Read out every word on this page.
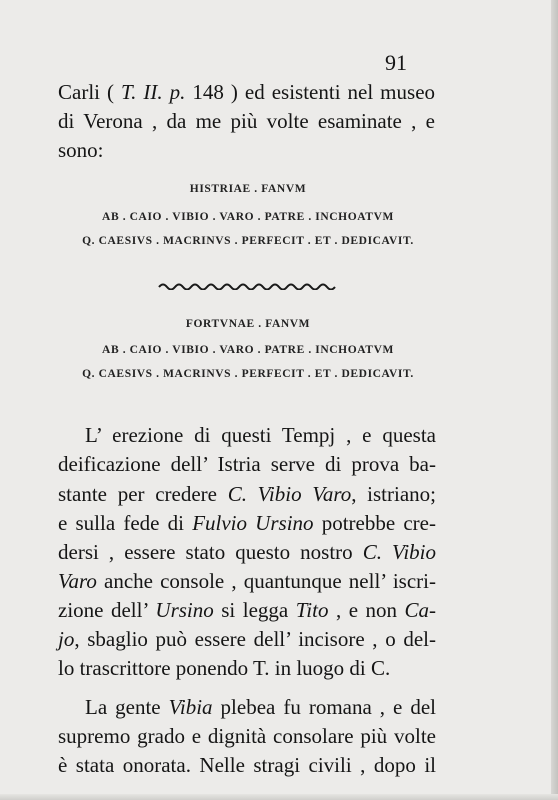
91
Carli ( T. II. p. 148 ) ed esistenti nel museo
di Verona , da me più volte esaminate , e
sono:
HISTRIAE . FANVM
AB . CAIO . VIBIO . VARO . PATRE . INCHOATVM
Q. CAESIVS . MACRINVS . PERFECIT . ET . DEDICAVIT.
FORTVNAE . FANVM
AB . CAIO . VIBIO . VARO . PATRE . INCHOATVM
Q. CAESIVS . MACRINVS . PERFECIT . ET . DEDICAVIT.
L’ erezione di questi Tempj , e questa
deificazione dell’ Istria serve di prova ba-
stante per credere C. Vibio Varo, istriano;
e sulla fede di Fulvio Ursino potrebbe cre-
dersi , essere stato questo nostro C. Vibio
Varo anche console , quantunque nell’ iscri-
zione dell’ Ursino si legga Tito , e non Ca-
jo, sbaglio può essere dell’ incisore , o del-
lo trascrittore ponendo T. in luogo di C.
La gente Vibia plebea fu romana , e del
supremo grado e dignità consolare più volte
è stata onorata. Nelle stragi civili , dopo il
